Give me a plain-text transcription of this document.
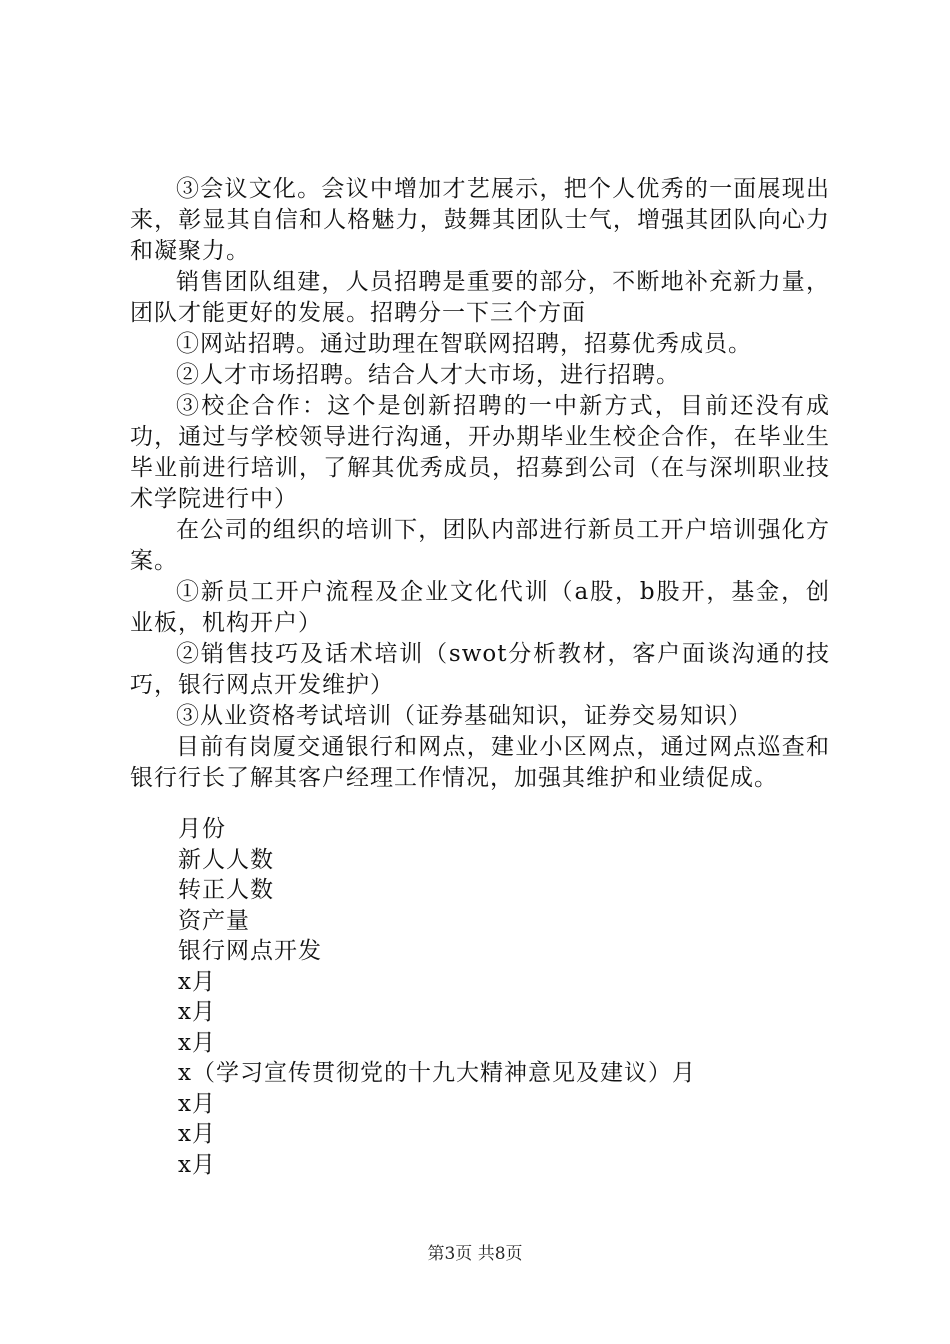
③会议文化。会议中增加才艺展示，把个人优秀的一面展现出来，彰显其自信和人格魅力，鼓舞其团队士气，增强其团队向心力和凝聚力。

销售团队组建，人员招聘是重要的部分，不断地补充新力量，团队才能更好的发展。招聘分一下三个方面

①网站招聘。通过助理在智联网招聘，招募优秀成员。

②人才市场招聘。结合人才大市场，进行招聘。

③校企合作：这个是创新招聘的一中新方式，目前还没有成功，通过与学校领导进行沟通，开办期毕业生校企合作，在毕业生毕业前进行培训，了解其优秀成员，招募到公司（在与深圳职业技术学院进行中）

在公司的组织的培训下，团队内部进行新员工开户培训强化方案。

①新员工开户流程及企业文化代训（a股，b股开，基金，创业板，机构开户）

②销售技巧及话术培训（swot分析教材，客户面谈沟通的技巧，银行网点开发维护）

③从业资格考试培训（证券基础知识，证券交易知识）

目前有岗厦交通银行和网点，建业小区网点，通过网点巡查和银行行长了解其客户经理工作情况，加强其维护和业绩促成。

月份
新人人数
转正人数
资产量
银行网点开发
x月
x月
x月
x（学习宣传贯彻党的十九大精神意见及建议）月
x月
x月
x月
第3页 共8页
